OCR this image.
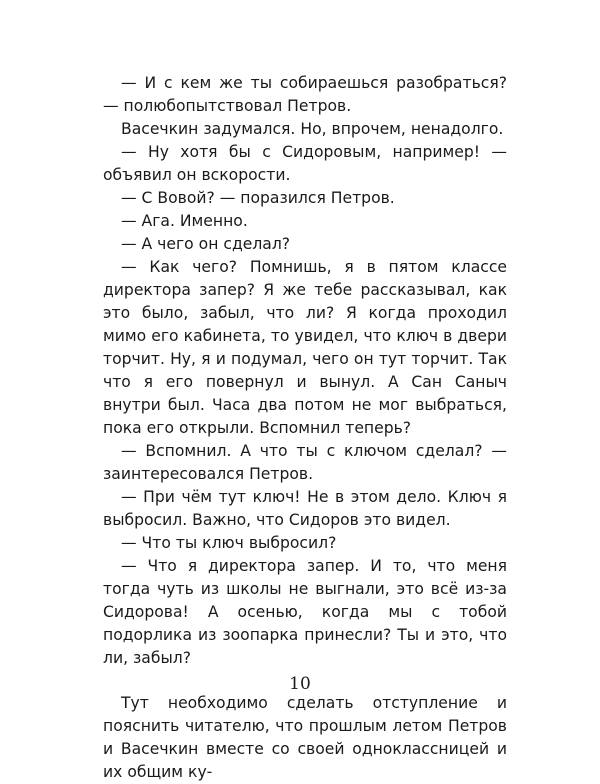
— И с кем же ты собираешься разобраться? — полюбопытствовал Петров.

Васечкин задумался. Но, впрочем, ненадолго.

— Ну хотя бы с Сидоровым, например! — объявил он вскорости.

— С Вовой? — поразился Петров.

— Ага. Именно.

— А чего он сделал?

— Как чего? Помнишь, я в пятом классе директора запер? Я же тебе рассказывал, как это было, забыл, что ли? Я когда проходил мимо его кабинета, то увидел, что ключ в двери торчит. Ну, я и подумал, чего он тут торчит. Так что я его повернул и вынул. А Сан Саныч внутри был. Часа два потом не мог выбраться, пока его открыли. Вспомнил теперь?

— Вспомнил. А что ты с ключом сделал? — заинтересовался Петров.

— При чём тут ключ! Не в этом дело. Ключ я выбросил. Важно, что Сидоров это видел.

— Что ты ключ выбросил?

— Что я директора запер. И то, что меня тогда чуть из школы не выгнали, это всё из-за Сидорова! А осенью, когда мы с тобой подорлика из зоопарка принесли? Ты и это, что ли, забыл?

Тут необходимо сделать отступление и пояснить читателю, что прошлым летом Петров и Васечкин вместе со своей одноклассницей и их общим ку-

10
